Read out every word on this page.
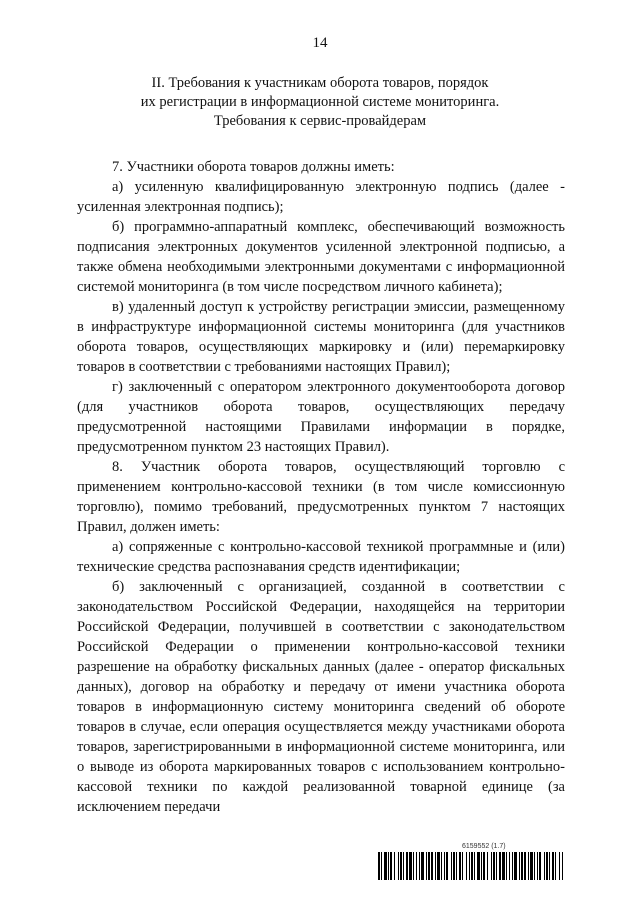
14
II. Требования к участникам оборота товаров, порядок
их регистрации в информационной системе мониторинга.
Требования к сервис-провайдерам

7. Участники оборота товаров должны иметь:

а) усиленную квалифицированную электронную подпись (далее - усиленная электронная подпись);

б) программно-аппаратный комплекс, обеспечивающий возможность подписания электронных документов усиленной электронной подписью, а также обмена необходимыми электронными документами с информационной системой мониторинга (в том числе посредством личного кабинета);

в) удаленный доступ к устройству регистрации эмиссии, размещенному в инфраструктуре информационной системы мониторинга (для участников оборота товаров, осуществляющих маркировку и (или) перемаркировку товаров в соответствии с требованиями настоящих Правил);

г) заключенный с оператором электронного документооборота договор (для участников оборота товаров, осуществляющих передачу предусмотренной настоящими Правилами информации в порядке, предусмотренном пунктом 23 настоящих Правил).

8. Участник оборота товаров, осуществляющий торговлю с применением контрольно-кассовой техники (в том числе комиссионную торговлю), помимо требований, предусмотренных пунктом 7 настоящих Правил, должен иметь:

а) сопряженные с контрольно-кассовой техникой программные и (или) технические средства распознавания средств идентификации;

б) заключенный с организацией, созданной в соответствии с законодательством Российской Федерации, находящейся на территории Российской Федерации, получившей в соответствии с законодательством Российской Федерации о применении контрольно-кассовой техники разрешение на обработку фискальных данных (далее - оператор фискальных данных), договор на обработку и передачу от имени участника оборота товаров в информационную систему мониторинга сведений об обороте товаров в случае, если операция осуществляется между участниками оборота товаров, зарегистрированными в информационной системе мониторинга, или о выводе из оборота маркированных товаров с использованием контрольно-кассовой техники по каждой реализованной товарной единице (за исключением передачи

6159552 (1.7)
